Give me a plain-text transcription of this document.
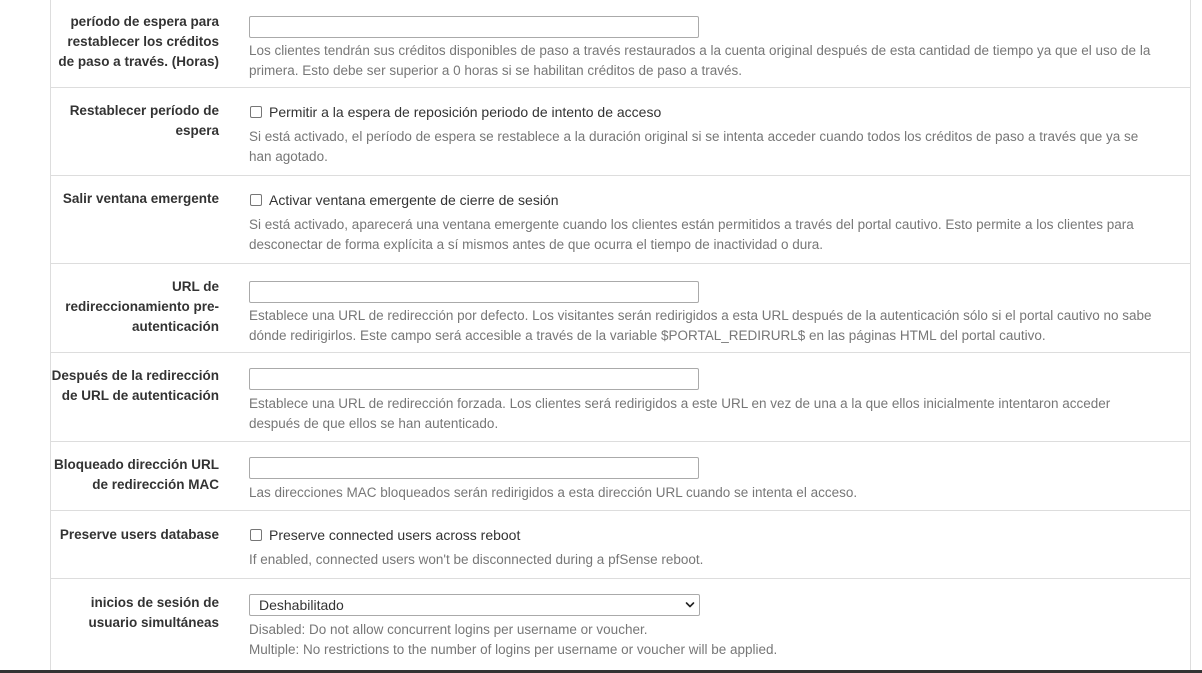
período de espera para
restablecer los créditos
de paso a través. (Horas)
Los clientes tendrán sus créditos disponibles de paso a través restaurados a la cuenta original después de esta cantidad de tiempo ya que el uso de la
primera. Esto debe ser superior a 0 horas si se habilitan créditos de paso a través.
Restablecer período de
espera
Permitir a la espera de reposición periodo de intento de acceso
Si está activado, el período de espera se restablece a la duración original si se intenta acceder cuando todos los créditos de paso a través que ya se
han agotado.
Salir ventana emergente	Activar ventana emergente de cierre de sesión
Si está activado, aparecerá una ventana emergente cuando los clientes están permitidos a través del portal cautivo. Esto permite a los clientes para
desconectar de forma explícita a sí mismos antes de que ocurra el tiempo de inactividad o dura.
URL de
redireccionamiento pre-
autenticación
Establece una URL de redirección por defecto. Los visitantes serán redirigidos a esta URL después de la autenticación sólo si el portal cautivo no sabe
dónde redirigirlos. Este campo será accesible a través de la variable $PORTAL_REDIRURL$ en las páginas HTML del portal cautivo.
Después de la redirección
de URL de autenticación
Establece una URL de redirección forzada. Los clientes será redirigidos a este URL en vez de una a la que ellos inicialmente intentaron acceder
después de que ellos se han autenticado.
Bloqueado dirección URL
de redirección MAC
Las direcciones MAC bloqueados serán redirigidos a esta dirección URL cuando se intenta el acceso.
Preserve users database	Preserve connected users across reboot
If enabled, connected users won't be disconnected during a pfSense reboot.
inicios de sesión de
usuario simultáneas
Deshabilitado
Disabled: Do not allow concurrent logins per username or voucher.
Multiple: No restrictions to the number of logins per username or voucher will be applied.
